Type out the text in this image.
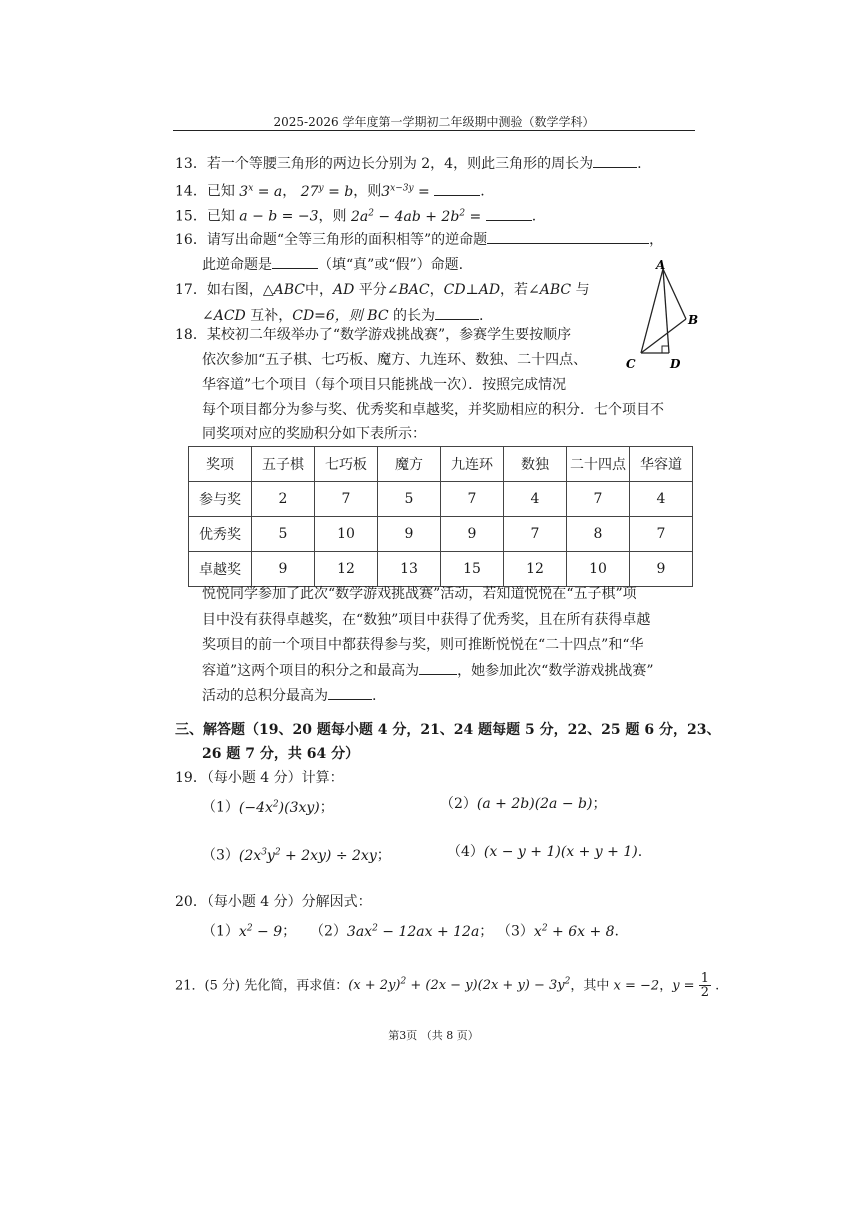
2025-2026 学年度第一学期初二年级期中测验（数学学科）
13．若一个等腰三角形的两边长分别为 2，4，则此三角形的周长为	.
14．已知 $3^x = a$， $27^y = b$，则$3^{x-3y}$ =	.
15．已知 a − b = −3，则 $2a^2 - 4ab + 2b^2$ =	.
16．请写出命题“全等三角形的面积相等”的逆命题	，
此逆命题是	（填“真”或“假”）命题.
17．如右图，△ABC中，AD 平分∠BAC，CD⊥AD，若∠ABC 与
∠ACD 互补，CD=6，则 BC 的长为	.
A
B
C	D
18．某校初二年级举办了“数学游戏挑战赛”，参赛学生要按顺序
依次参加“五子棋、七巧板、魔方、九连环、数独、二十四点、
华容道”七个项目（每个项目只能挑战一次）．按照完成情况
每个项目都分为参与奖、优秀奖和卓越奖，并奖励相应的积分．七个项目不
同奖项对应的奖励积分如下表所示：
奖项	五子棋	七巧板	魔方	九连环	数独	二十四点	华容道
参与奖	2	7	5	7	4	7	4
优秀奖	5	10	9	9	7	8	7
卓越奖	9	12	13	15	12	10	9
悦悦同学参加了此次“数学游戏挑战赛”活动，若知道悦悦在“五子棋”项
目中没有获得卓越奖，在“数独”项目中获得了优秀奖，且在所有获得卓越
奖项目的前一个项目中都获得参与奖，则可推断悦悦在“二十四点”和“华
容道”这两个项目的积分之和最高为	，她参加此次“数学游戏挑战赛”
活动的总积分最高为	.
三、解答题（19、20 题每小题 4 分，21、24 题每题 5 分，22、25 题 6 分，23、
26 题 7 分，共 64 分）
19．（每小题 4 分）计算：
$(1)(-4x^2)(3xy)$；	（2）(a + 2b)(2a − b)；
$(3)(2x^3y^2 + 2xy) \div 2xy$；	（4）(x − y + 1)(x + y + 1).
20．（每小题 4 分）分解因式：
$(1)x^2 - 9$； $(2)3ax^2 - 12ax + 12a$； $(3)x^2 + 6x + 8$.
21．(5 分) 先化简，再求值：$(x + 2y)^2 + (2x - y)(2x + y) - 3y^2$，其中 x = −2，$y = \frac{1}{2}$ .
第3页 （共 8 页）
